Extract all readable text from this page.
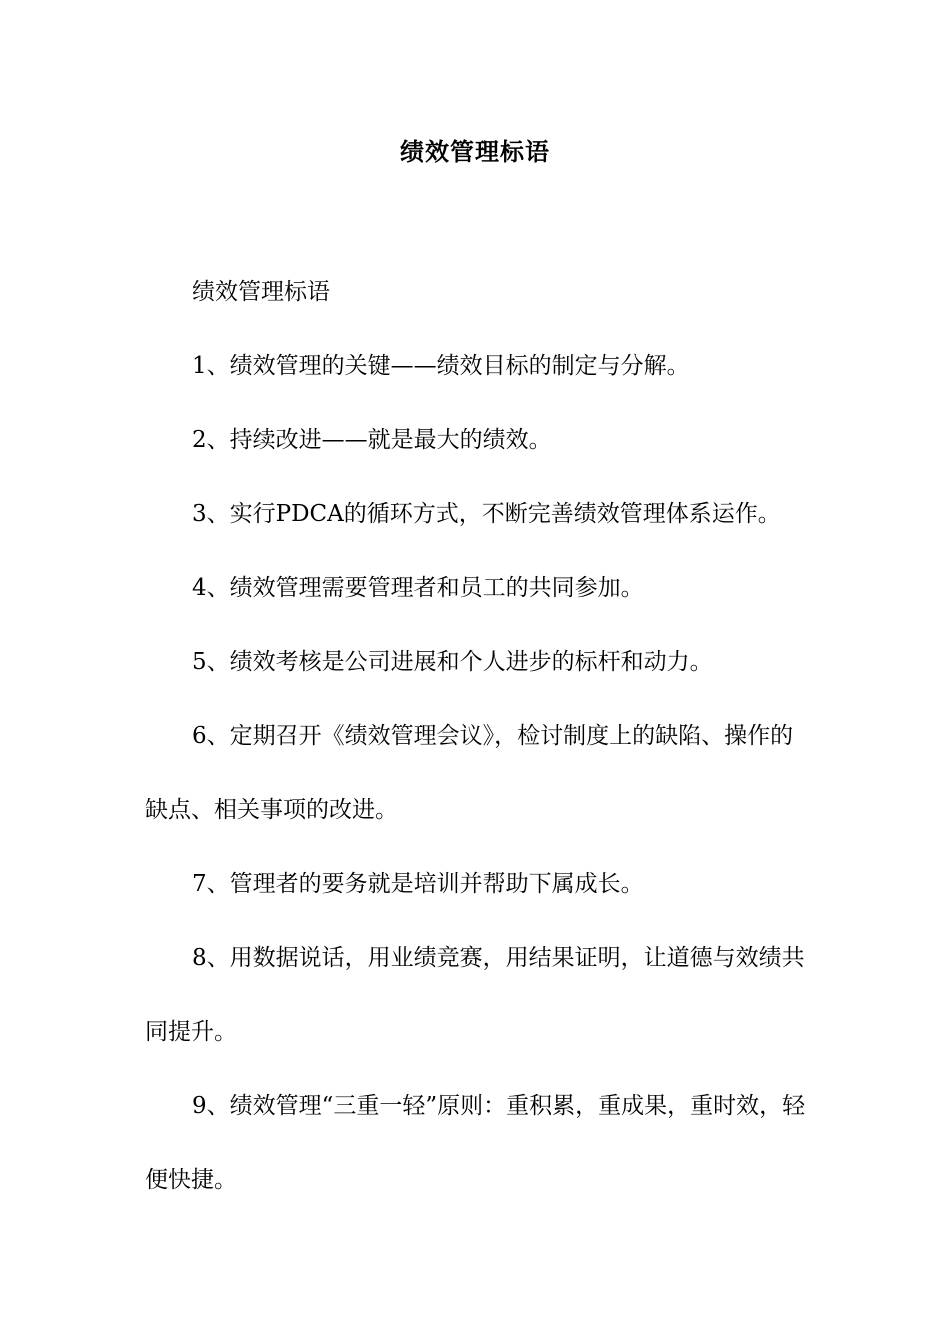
绩效管理标语

绩效管理标语

1、绩效管理的关键——绩效目标的制定与分解。

2、持续改进——就是最大的绩效。

3、实行PDCA的循环方式，不断完善绩效管理体系运作。

4、绩效管理需要管理者和员工的共同参加。

5、绩效考核是公司进展和个人进步的标杆和动力。

6、定期召开《绩效管理会议》，检讨制度上的缺陷、操作的缺点、相关事项的改进。

7、管理者的要务就是培训并帮助下属成长。

8、用数据说话，用业绩竞赛，用结果证明，让道德与效绩共同提升。

9、绩效管理“三重一轻”原则：重积累，重成果，重时效，轻便快捷。
